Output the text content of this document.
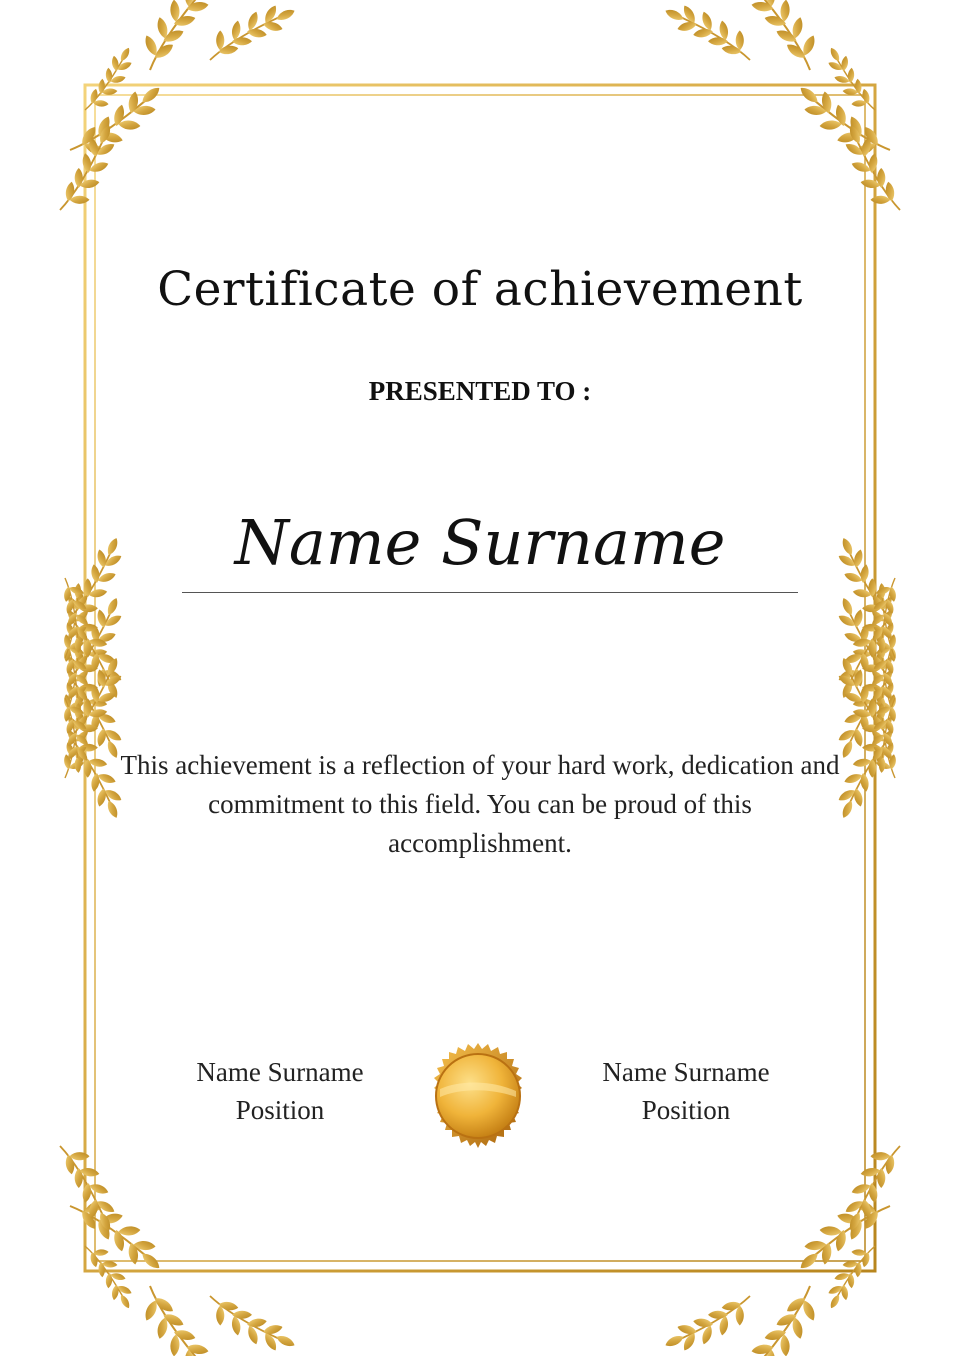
Certificate of achievement
PRESENTED TO :
Name Surname
This achievement is a reflection of your hard work, dedication and commitment to this field. You can be proud of this accomplishment.
Name Surname
Position
Name Surname
Position
